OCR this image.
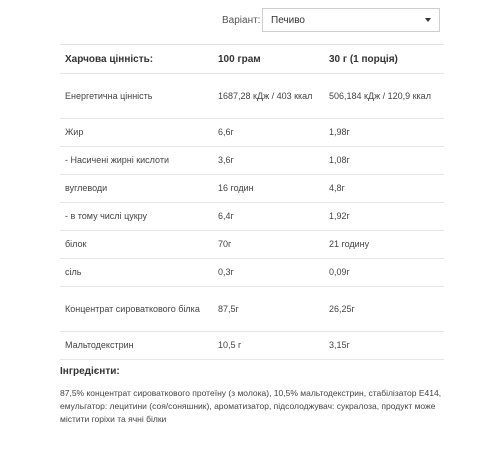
Варіант: Печиво
Харчова цінність:	100 грам	30 г (1 порція)
Енергетична цінність	1687,28 кДж / 403 ккал	506,184 кДж / 120,9 ккал
Жир	6,6г	1,98г
- Насичені жирні кислоти	3,6г	1,08г
вуглеводи	16 годин	4,8г
- в тому числі цукру	6,4г	1,92г
білок	70г	21 годину
сіль	0,3г	0,09г
Концентрат сироваткового білка	87,5г	26,25г
Мальтодекстрин	10,5 г	3,15г
Інгредієнти:
87,5% концентрат сироваткового протеїну (з молока), 10,5% мальтодекстрин, стабілізатор Е414, емульгатор: лецитини (соя/соняшник), ароматизатор, підсолоджувач: сукралоза, продукт може містити горіхи та ячні білки
